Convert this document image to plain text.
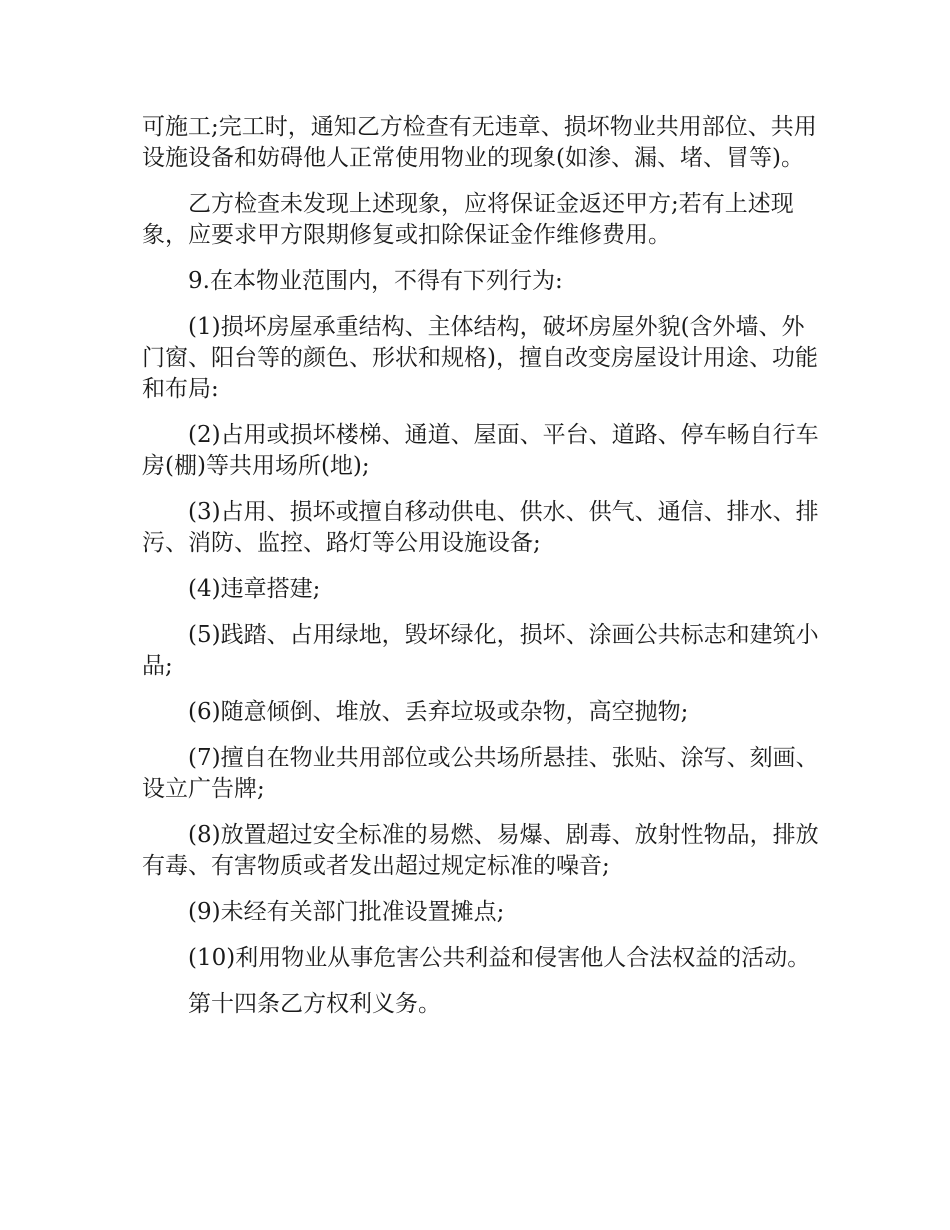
可施工;完工时，通知乙方检查有无违章、损坏物业共用部位、共用设施设备和妨碍他人正常使用物业的现象(如渗、漏、堵、冒等)。

乙方检查未发现上述现象，应将保证金返还甲方;若有上述现象，应要求甲方限期修复或扣除保证金作维修费用。

9.在本物业范围内，不得有下列行为:

(1)损坏房屋承重结构、主体结构，破坏房屋外貌(含外墙、外门窗、阳台等的颜色、形状和规格)，擅自改变房屋设计用途、功能和布局:

(2)占用或损坏楼梯、通道、屋面、平台、道路、停车畅自行车房(棚)等共用场所(地);

(3)占用、损坏或擅自移动供电、供水、供气、通信、排水、排污、消防、监控、路灯等公用设施设备;

(4)违章搭建;

(5)践踏、占用绿地，毁坏绿化，损坏、涂画公共标志和建筑小品;

(6)随意倾倒、堆放、丢弃垃圾或杂物，高空抛物;

(7)擅自在物业共用部位或公共场所悬挂、张贴、涂写、刻画、设立广告牌;

(8)放置超过安全标准的易燃、易爆、剧毒、放射性物品，排放有毒、有害物质或者发出超过规定标准的噪音;

(9)未经有关部门批准设置摊点;

(10)利用物业从事危害公共利益和侵害他人合法权益的活动。

第十四条乙方权利义务。
